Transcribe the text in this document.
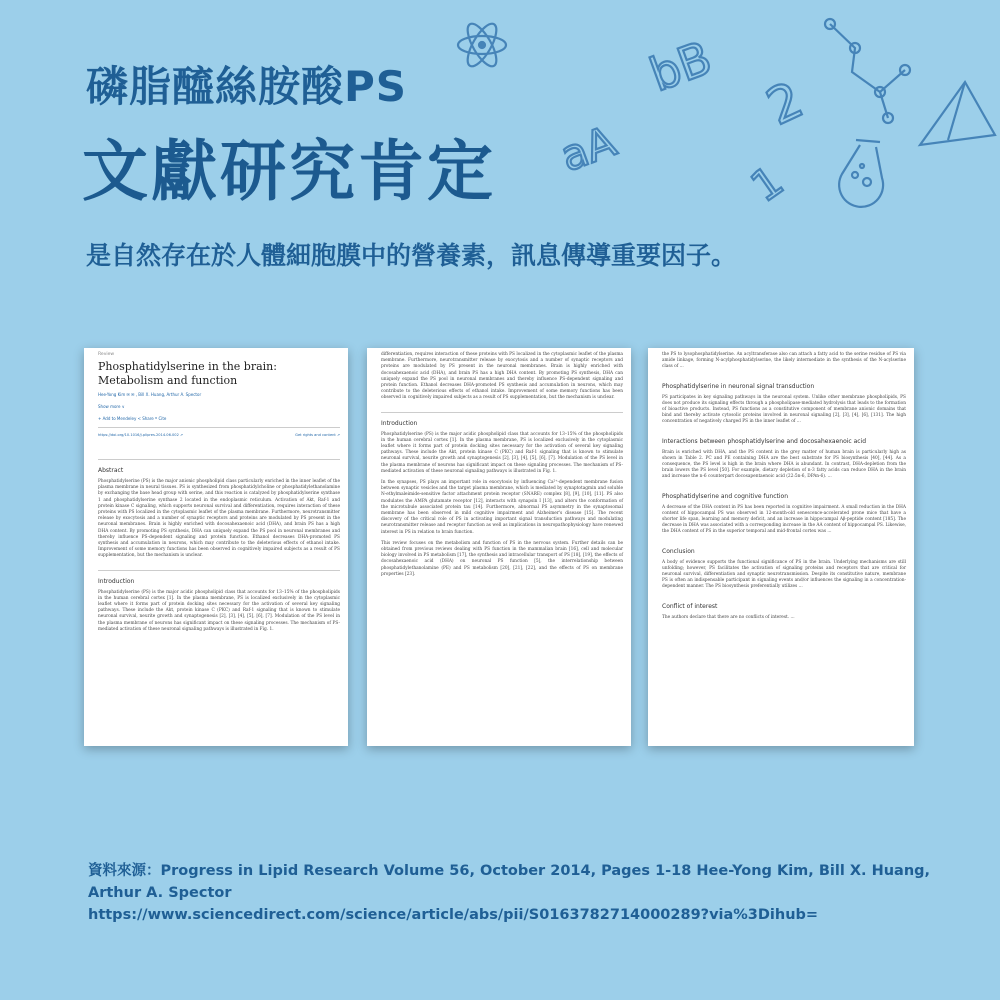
磷脂醯絲胺酸PS
文獻研究肯定

是自然存在於人體細胞膜中的營養素，訊息傳導重要因子。

bB
aA
2
1
Review
Phosphatidylserine in the brain: Metabolism and function
Hee-Yong Kim ✉ ✉ , Bill X. Huang, Arthur A. Spector
Show more ∨
+ Add to Mendeley < Share ❝ Cite
https://doi.org/10.1016/j.plipres.2014.06.002 ↗	Get rights and content ↗
Abstract
Phosphatidylserine (PS) is the major anionic phospholipid class particularly enriched in the inner leaflet of the plasma membrane in neural tissues. PS is synthesized from phosphatidylcholine or phosphatidylethanolamine by exchanging the base head group with serine, and this reaction is catalyzed by phosphatidylserine synthase 1 and phosphatidylserine synthase 2 located in the endoplasmic reticulum. Activation of Akt, Raf-1 and protein kinase C signaling, which supports neuronal survival and differentiation, requires interaction of these proteins with PS localized in the cytoplasmic leaflet of the plasma membrane. Furthermore, neurotransmitter release by exocytosis and a number of synaptic receptors and proteins are modulated by PS present in the neuronal membranes. Brain is highly enriched with docosahexaenoic acid (DHA), and brain PS has a high DHA content. By promoting PS synthesis, DHA can uniquely expand the PS pool in neuronal membranes and thereby influence PS-dependent signaling and protein function. Ethanol decreases DHA-promoted PS synthesis and accumulation in neurons, which may contribute to the deleterious effects of ethanol intake. Improvement of some memory functions has been observed in cognitively impaired subjects as a result of PS supplementation, but the mechanism is unclear.
Introduction
Phosphatidylserine (PS) is the major acidic phospholipid class that accounts for 13–15% of the phospholipids in the human cerebral cortex [1]. In the plasma membrane, PS is localized exclusively in the cytoplasmic leaflet where it forms part of protein docking sites necessary for the activation of several key signaling pathways. These include the Akt, protein kinase C (PKC) and Raf-1 signaling that is known to stimulate neuronal survival, neurite growth and synaptogenesis [2], [3], [4], [5], [6], [7]. Modulation of the PS level in the plasma membrane of neurons has significant impact on these signaling processes. The mechanism of PS-mediated activation of these neuronal signaling pathways is illustrated in Fig. 1.
differentiation, requires interaction of these proteins with PS localized in the cytoplasmic leaflet of the plasma membrane. Furthermore, neurotransmitter release by exocytosis and a number of synaptic receptors and proteins are modulated by PS present in the neuronal membranes. Brain is highly enriched with docosahexaenoic acid (DHA), and brain PS has a high DHA content. By promoting PS synthesis, DHA can uniquely expand the PS pool in neuronal membranes and thereby influence PS-dependent signaling and protein function. Ethanol decreases DHA-promoted PS synthesis and accumulation in neurons, which may contribute to the deleterious effects of ethanol intake. Improvement of some memory functions has been observed in cognitively impaired subjects as a result of PS supplementation, but the mechanism is unclear.
Introduction
Phosphatidylserine (PS) is the major acidic phospholipid class that accounts for 13–15% of the phospholipids in the human cerebral cortex [1]. In the plasma membrane, PS is localized exclusively in the cytoplasmic leaflet where it forms part of protein docking sites necessary for the activation of several key signaling pathways. These include the Akt, protein kinase C (PKC) and Raf-1 signaling that is known to stimulate neuronal survival, neurite growth and synaptogenesis [2], [3], [4], [5], [6], [7]. Modulation of the PS level in the plasma membrane of neurons has significant impact on these signaling processes. The mechanism of PS-mediated activation of these neuronal signaling pathways is illustrated in Fig. 1.
In the synapses, PS plays an important role in exocytosis by influencing Ca²⁺-dependent membrane fusion between synaptic vesicles and the target plasma membrane, which is mediated by synaptotagmin and soluble N-ethylmaleimide-sensitive factor attachment protein receptor (SNARE) complex [8], [9], [10], [11]. PS also modulates the AMPA glutamate receptor [12], interacts with synapsin I [13], and alters the conformation of the microtubule associated protein tau [14]. Furthermore, abnormal PS asymmetry in the synaptosomal membrane has been observed in mild cognitive impairment and Alzheimer's disease [15]. The recent discovery of the critical role of PS in activating important signal transduction pathways and modulating neurotransmitter release and receptor function as well as implications in neuropathophysiology have renewed interest in PS in relation to brain function.
This review focuses on the metabolism and function of PS in the nervous system. Further details can be obtained from previous reviews dealing with PS function in the mammalian brain [16], cell and molecular biology involved in PS metabolism [17], the synthesis and intracellular transport of PS [18], [19], the effects of docosahexaenoic acid (DHA) on neuronal PS function [5], the interrelationship between phosphatidylethanolamine (PE) and PS metabolism [20], [21], [22], and the effects of PS on membrane properties [23].
the PS to lysophosphatidylserine. An acyltransferase also can attach a fatty acid to the serine residue of PS via amide linkage, forming N-acylphosphatidylserine, the likely intermediate in the synthesis of the N-acylserine class of ...
Phosphatidylserine in neuronal signal transduction
PS participates in key signaling pathways in the neuronal system. Unlike other membrane phospholipids, PS does not produce its signaling effects through a phospholipase-mediated hydrolysis that leads to the formation of bioactive products. Instead, PS functions as a constitutive component of membrane anionic domains that bind and thereby activate cytosolic proteins involved in neuronal signaling [2], [3], [4], [6], [131]. The high concentration of negatively charged PS in the inner leaflet of ...
Interactions between phosphatidylserine and docosahexaenoic acid
Brain is enriched with DHA, and the PS content in the grey matter of human brain is particularly high as shown in Table 2. PC and PE containing DHA are the best substrate for PS biosynthesis [40], [44]. As a consequence, the PS level is high in the brain where DHA is abundant. In contrast, DHA-depletion from the brain lowers the PS level [50]. For example, dietary depletion of n-3 fatty acids can reduce DHA in the brain and increase the n-6 counterpart docosapentaenoic acid (22:5n-6, DPAn-6). ...
Phosphatidylserine and cognitive function
A decrease of the DHA content in PS has been reported in cognitive impairment. A small reduction in the DHA content of hippocampal PS was observed in 12-month-old senescence-accelerated prone mice that have a shorter life span, learning and memory deficit, and an increase in hippocampal Aβ-peptide content [185]. The decrease in DHA was associated with a corresponding increase in the AA content of hippocampal PS. Likewise, the DHA content of PS in the superior temporal and mid-frontal cortex was ...
Conclusion
A body of evidence supports the functional significance of PS in the brain. Underlying mechanisms are still unfolding; however, PS facilitates the activation of signaling proteins and receptors that are critical for neuronal survival, differentiation and synaptic neurotransmission. Despite its constitutive nature, membrane PS is often an indispensable participant in signaling events and/or influences the signaling in a concentration-dependent manner. The PS biosynthesis preferentially utilizes ...
Conflict of interest
The authors declare that there are no conflicts of interest. ...
資料來源：Progress in Lipid Research Volume 56, October 2014, Pages 1-18 Hee-Yong Kim, Bill X. Huang, Arthur A. Spector
https://www.sciencedirect.com/science/article/abs/pii/S0163782714000289?via%3Dihub=
